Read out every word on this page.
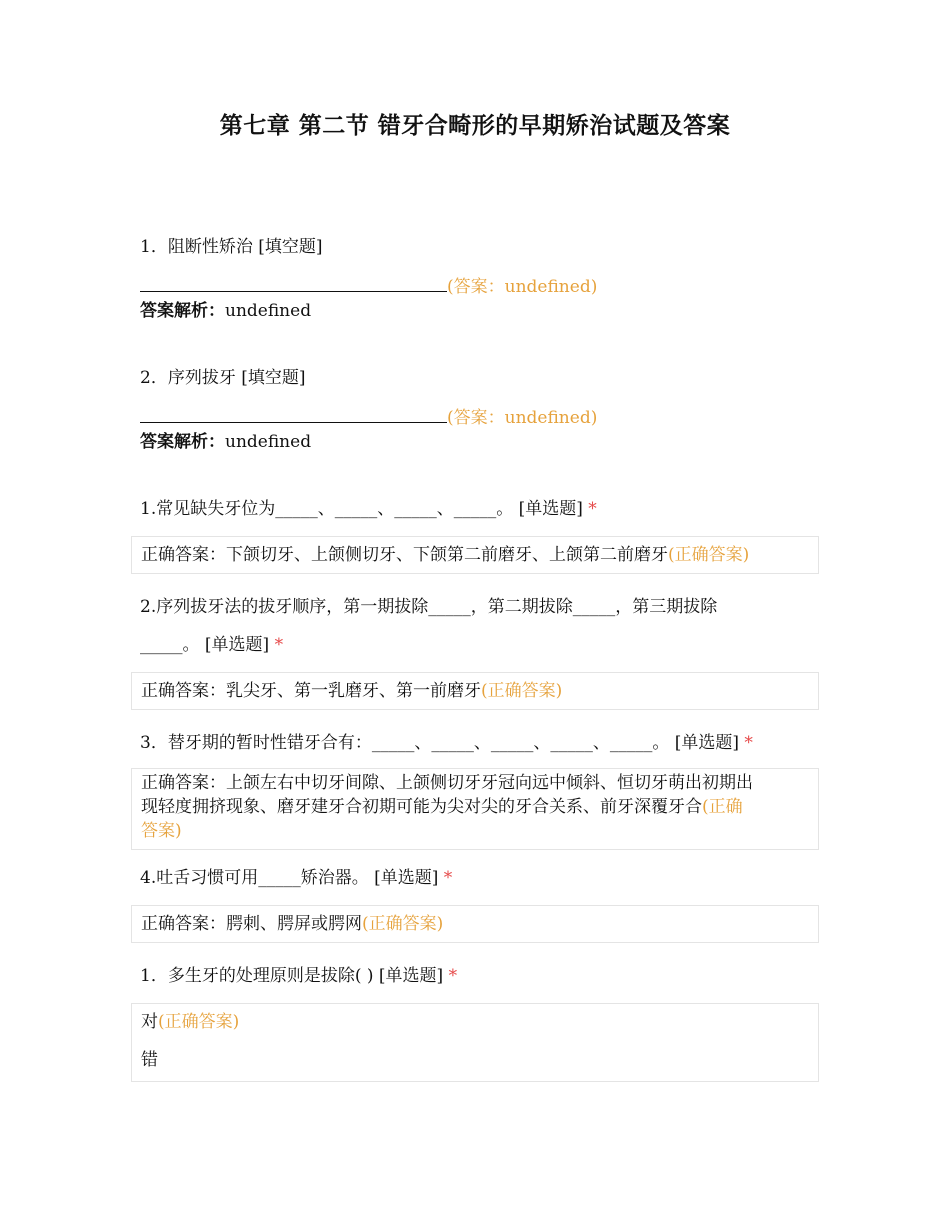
第七章 第二节 错牙合畸形的早期矫治试题及答案
1．阻断性矫治 [填空题]
(答案：undefined)
答案解析：undefined
2．序列拔牙 [填空题]
(答案：undefined)
答案解析：undefined
1.常见缺失牙位为_____、_____、_____、_____。 [单选题] *
正确答案：下颌切牙、上颌侧切牙、下颌第二前磨牙、上颌第二前磨牙(正确答案)
2.序列拔牙法的拔牙顺序，第一期拔除_____，第二期拔除_____，第三期拔除
_____。 [单选题] *
正确答案：乳尖牙、第一乳磨牙、第一前磨牙(正确答案)
3．替牙期的暂时性错牙合有：_____、_____、_____、_____、_____。 [单选题] *
正确答案：上颌左右中切牙间隙、上颌侧切牙牙冠向远中倾斜、恒切牙萌出初期出
现轻度拥挤现象、磨牙建牙合初期可能为尖对尖的牙合关系、前牙深覆牙合(正确
答案)
4.吐舌习惯可用_____矫治器。 [单选题] *
正确答案：腭刺、腭屏或腭网(正确答案)
1．多生牙的处理原则是拔除( ) [单选题] *
对(正确答案)
错
